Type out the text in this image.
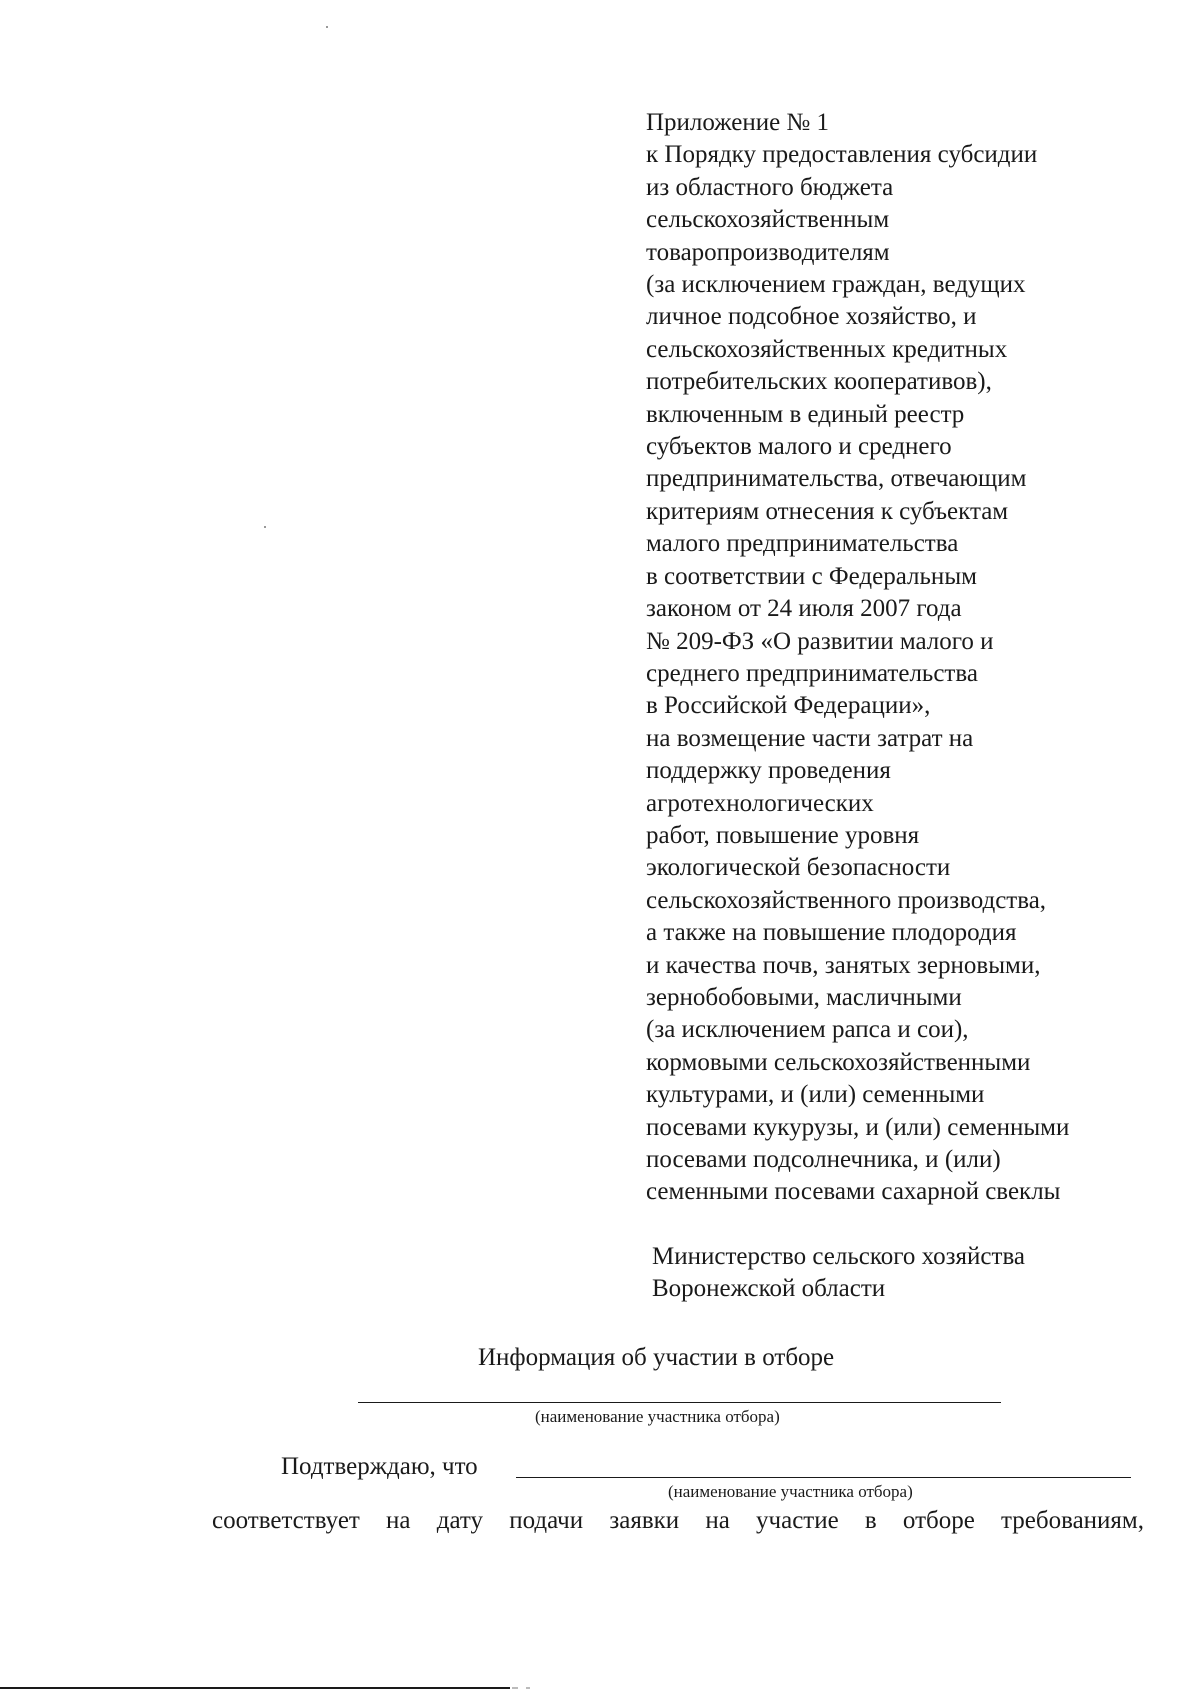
Приложение № 1
к Порядку предоставления субсидии
из областного бюджета
сельскохозяйственным
товаропроизводителям
(за исключением граждан, ведущих
личное подсобное хозяйство, и
сельскохозяйственных кредитных
потребительских кооперативов),
включенным в единый реестр
субъектов малого и среднего
предпринимательства, отвечающим
критериям отнесения к субъектам
малого предпринимательства
в соответствии с Федеральным
законом от 24 июля 2007 года
№ 209-ФЗ «О развитии малого и
среднего предпринимательства
в Российской Федерации»,
на возмещение части затрат на
поддержку проведения
агротехнологических
работ, повышение уровня
экологической безопасности
сельскохозяйственного производства,
а также на повышение плодородия
и качества почв, занятых зерновыми,
зернобобовыми, масличными
(за исключением рапса и сои),
кормовыми сельскохозяйственными
культурами, и (или) семенными
посевами кукурузы, и (или) семенными
посевами подсолнечника, и (или)
семенными посевами сахарной свеклы
Министерство сельского хозяйства
Воронежской области
Информация об участии в отборе
(наименование участника отбора)
Подтверждаю, что
(наименование участника отбора)
соответствует на дату подачи заявки на участие в отборе требованиям,
